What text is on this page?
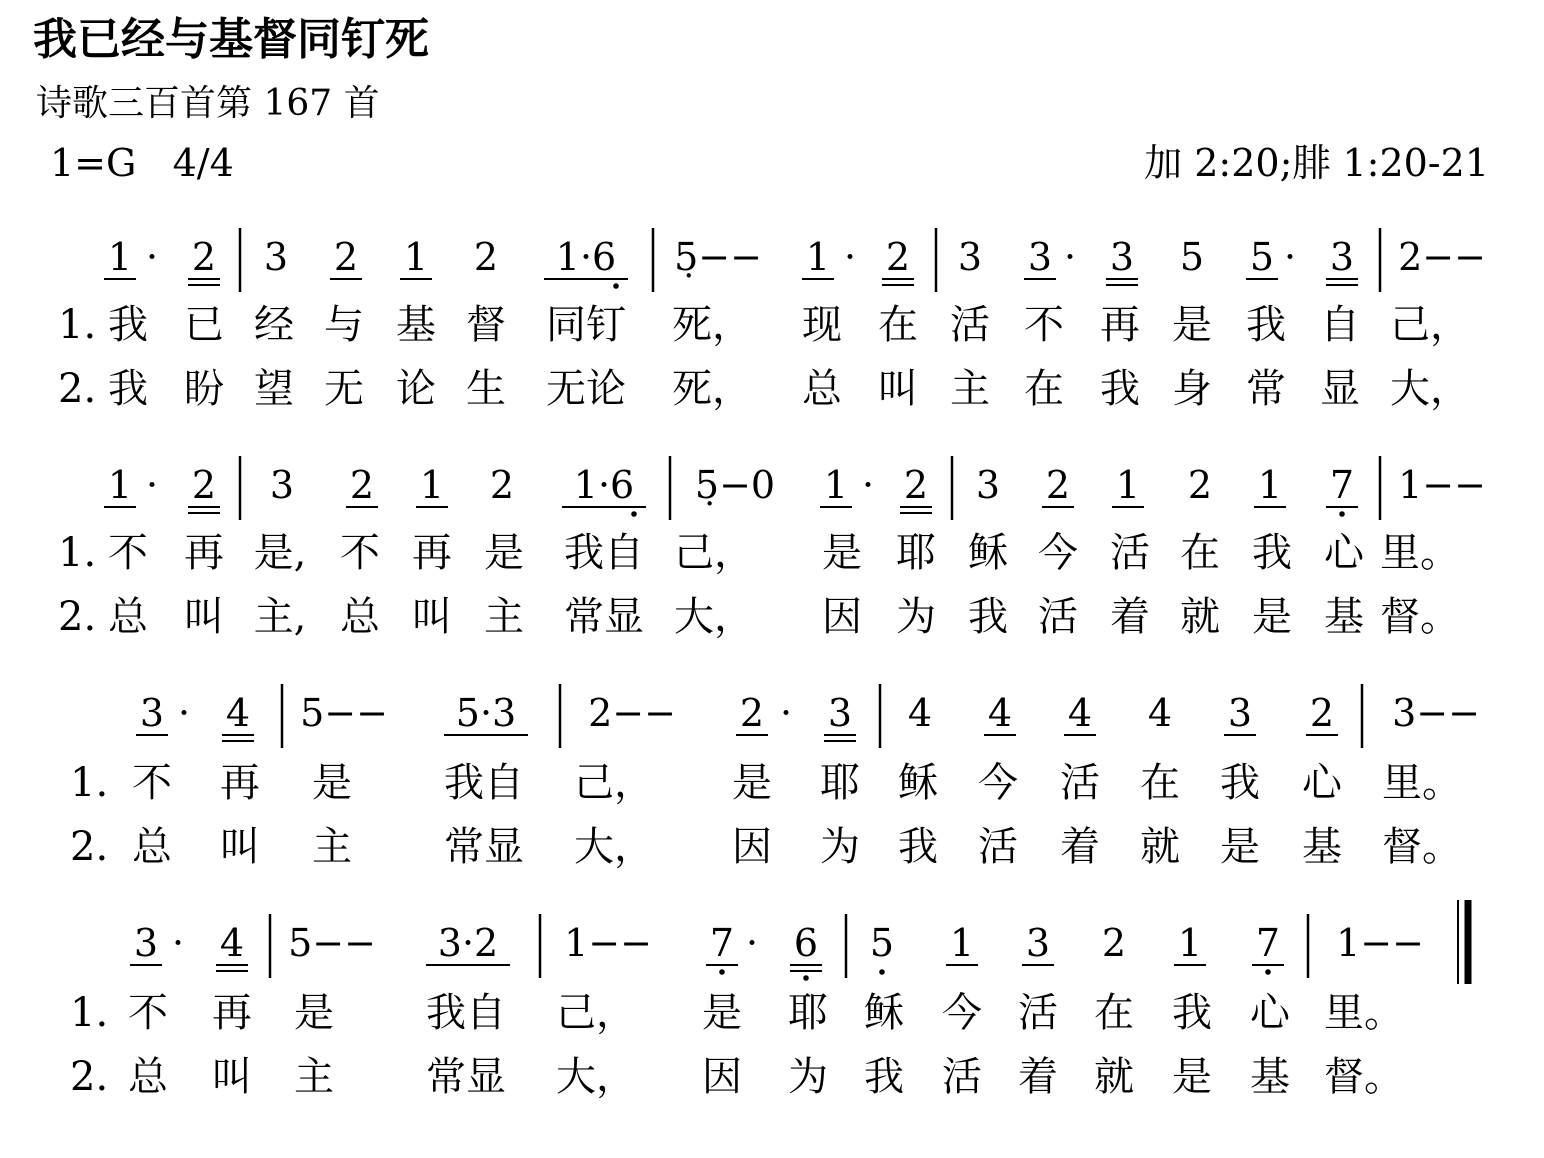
我已经与基督同钉死
诗歌三百首第 167 首
1=G 4/4	加 2:20;腓 1:20-21
1 · 2 3 2 1 2 1·6 5̣−− 1 · 2 3 3 · 3 5 5 · 3 2−−
1. 我 已 经 与 基 督 同钉 死， 现 在 活 不 再 是 我 自 己，
2. 我 盼 望 无 论 生 无论 死， 总 叫 主 在 我 身 常 显 大，
1 · 2 3 2 1 2 1·6 5̣−0 1 · 2 3 2 1 2 1 7 1−−
1. 不 再 是, 不 再 是 我自 己， 是 耶 稣 今 活 在 我 心 里。
2. 总 叫 主, 总 叫 主 常显 大， 因 为 我 活 着 就 是 基 督。
3 · 4 5−− 5·3 2−− 2 · 3 4 4 4 4 3 2 3−−
1. 不 再 是 我自 己， 是 耶 稣 今 活 在 我 心 里。
2. 总 叫 主 常显 大， 因 为 我 活 着 就 是 基 督。
3 · 4 5−− 3·2 1−− 7 · 6 5 1 3 2 1 7 1−−
1. 不 再 是 我自 己， 是 耶 稣 今 活 在 我 心 里。
2. 总 叫 主 常显 大， 因 为 我 活 着 就 是 基 督。
